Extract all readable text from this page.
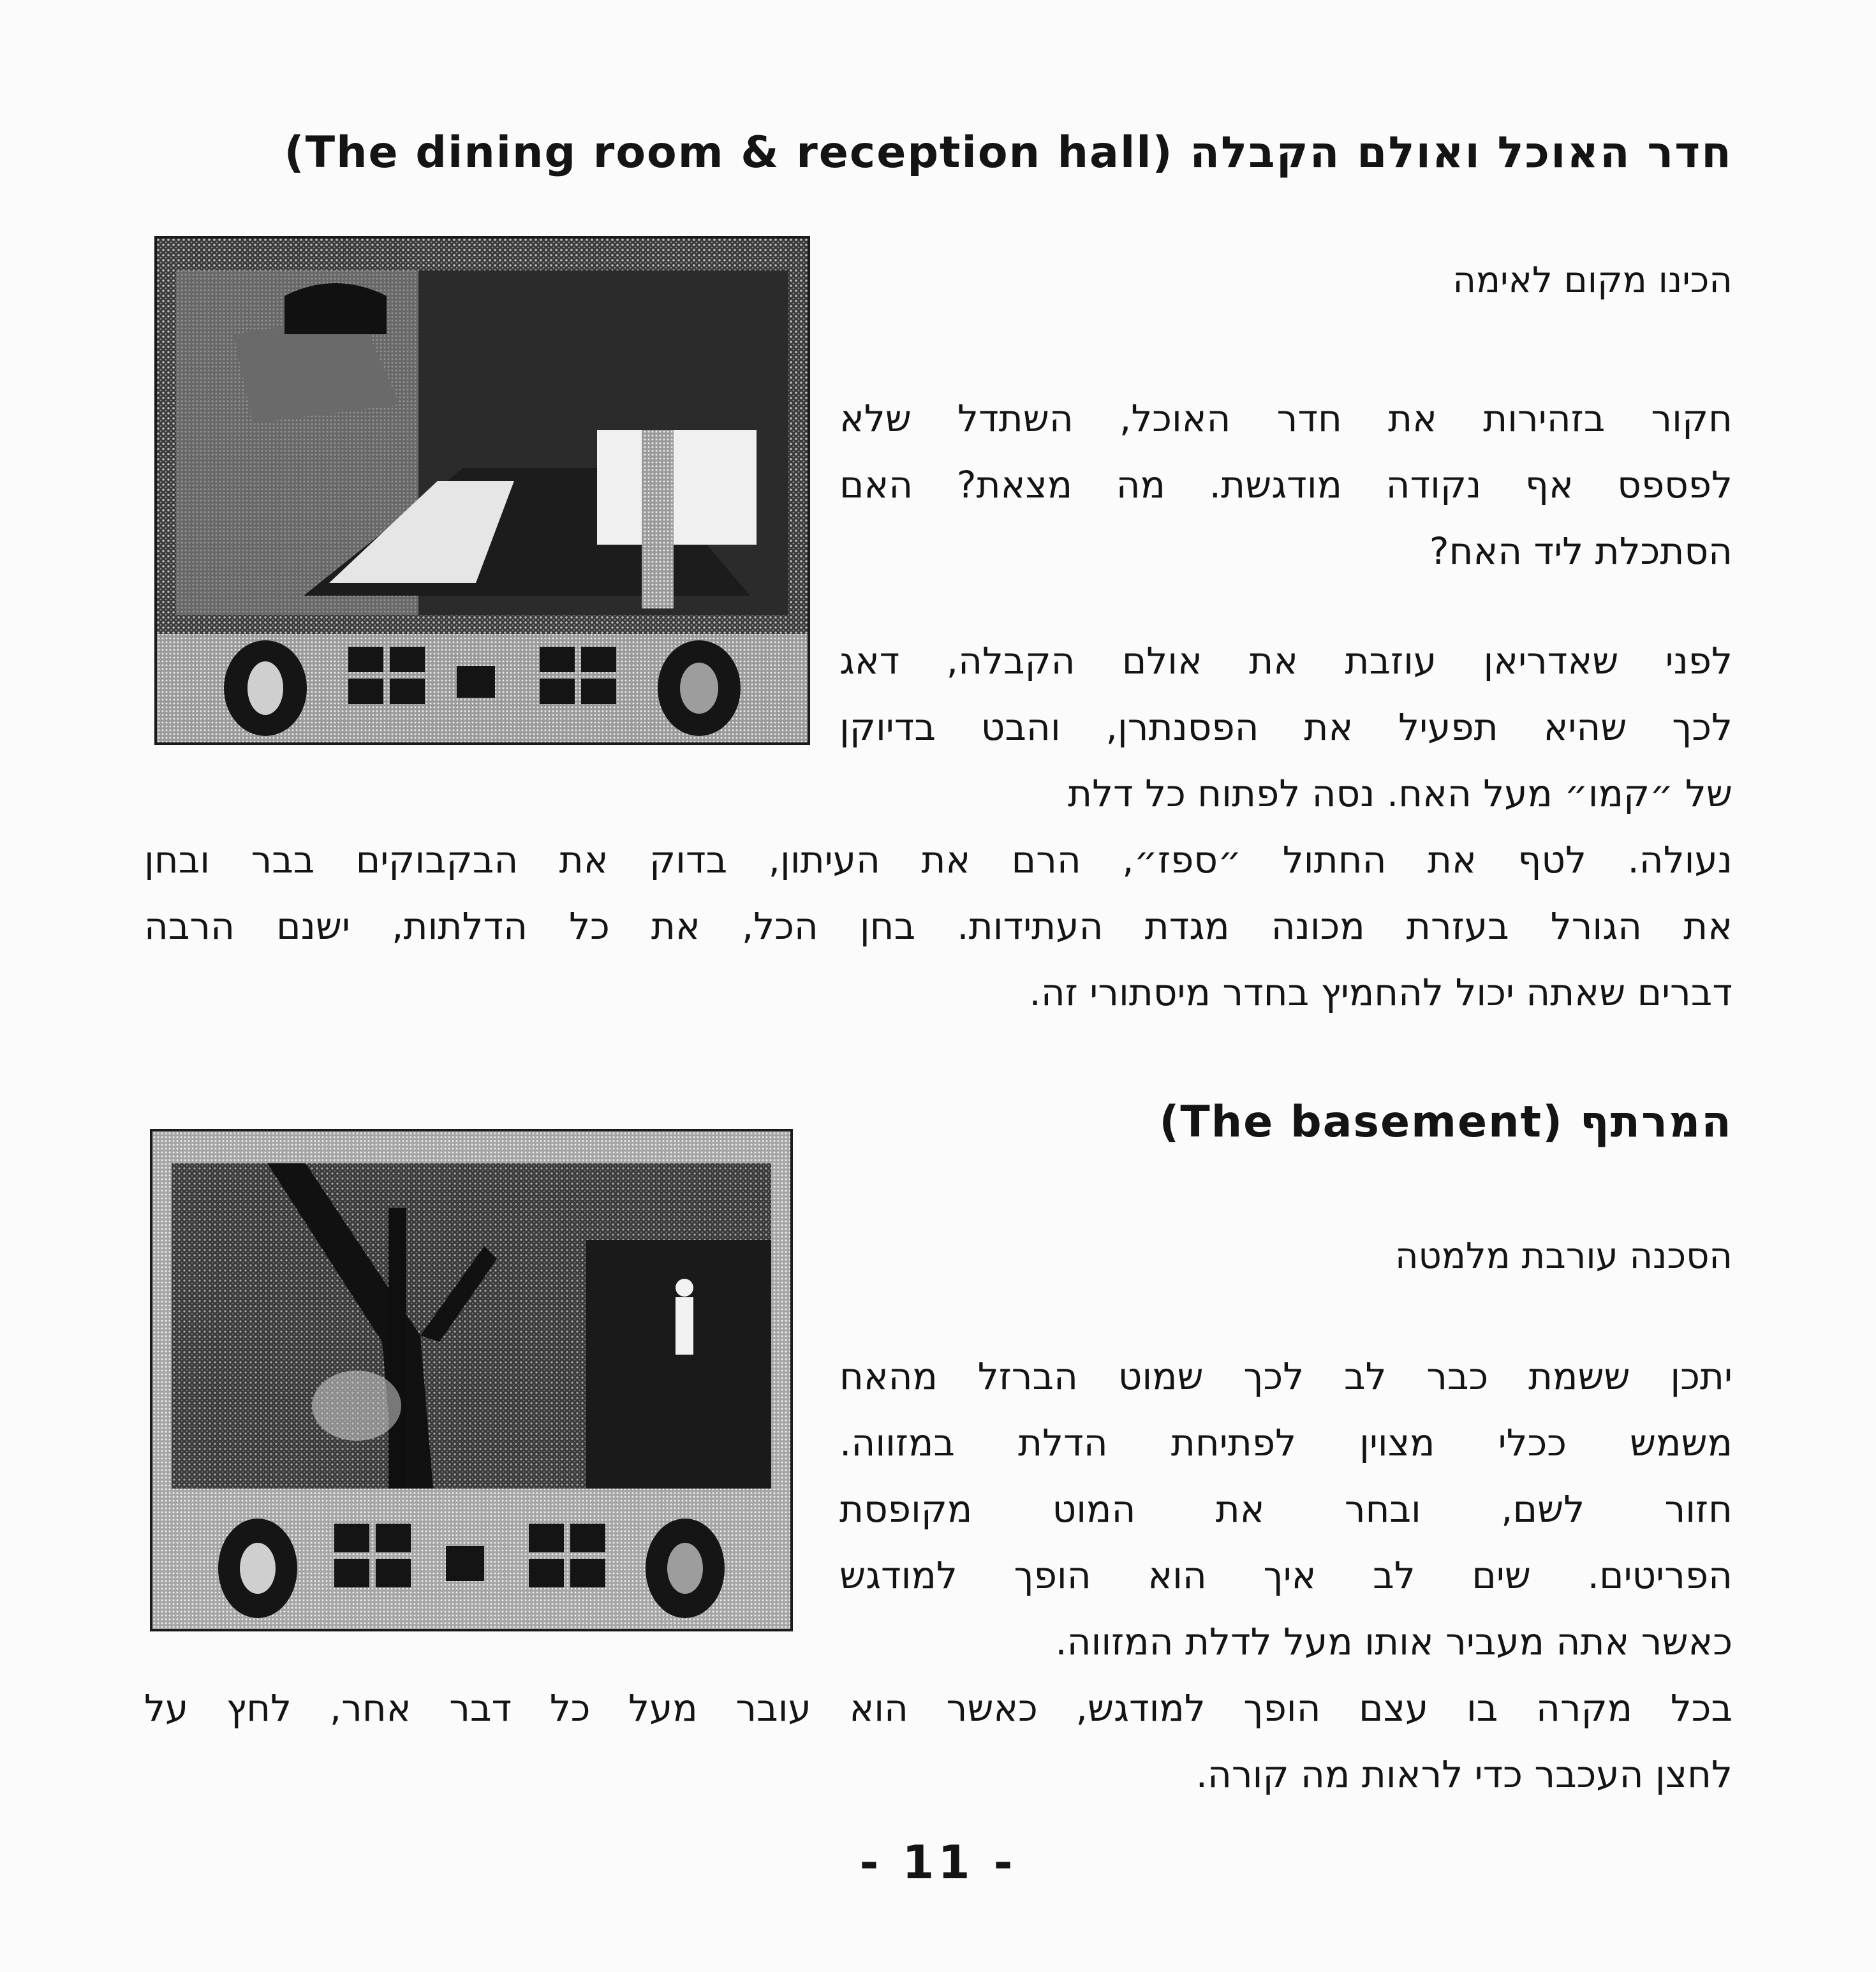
חדר האוכל ואולם הקבלה (The dining room & reception hall)
הכינו מקום לאימה
חקור בזהירות את חדר האוכל, השתדל שלא
לפספס אף נקודה מודגשת. מה מצאת? האם
הסתכלת ליד האח?
לפני שאדריאן עוזבת את אולם הקבלה, דאג
לכך שהיא תפעיל את הפסנתרן, והבט בדיוקן
של ״קמו״ מעל האח. נסה לפתוח כל דלת
נעולה. לטף את החתול ״ספז״, הרם את העיתון, בדוק את הבקבוקים בבר ובחן
את הגורל בעזרת מכונה מגדת העתידות. בחן הכל, את כל הדלתות, ישנם הרבה
דברים שאתה יכול להחמיץ בחדר מיסתורי זה.
המרתף (The basement)
הסכנה עורבת מלמטה
יתכן ששמת כבר לב לכך שמוט הברזל מהאח
משמש ככלי מצוין לפתיחת הדלת במזווה.
חזור לשם, ובחר את המוט מקופסת
הפריטים. שים לב איך הוא הופך למודגש
כאשר אתה מעביר אותו מעל לדלת המזווה.
בכל מקרה בו עצם הופך למודגש, כאשר הוא עובר מעל כל דבר אחר, לחץ על
לחצן העכבר כדי לראות מה קורה.
- 11 -
